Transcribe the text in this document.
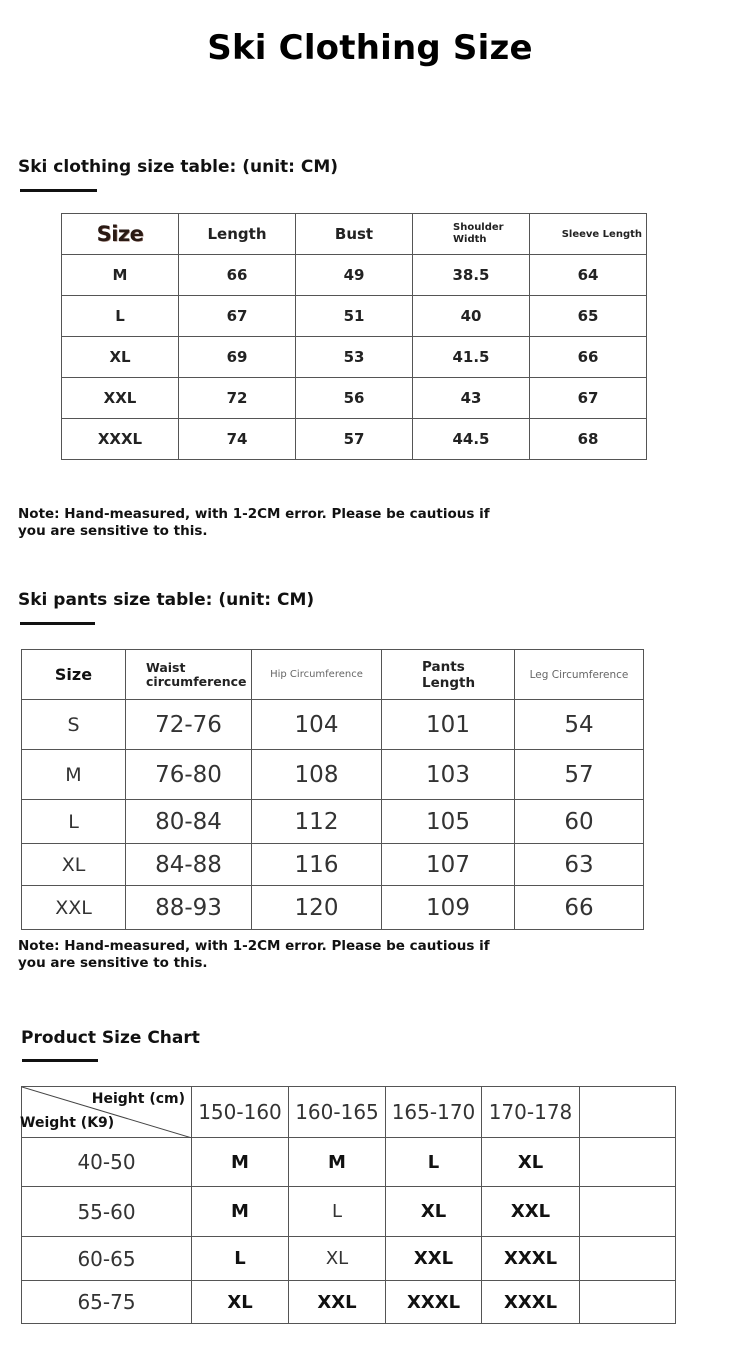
Ski Clothing Size
Ski clothing size table: (unit: CM)
Size	Length	Bust	Shoulder Width	Sleeve Length
M	66	49	38.5	64
L	67	51	40	65
XL	69	53	41.5	66
XXL	72	56	43	67
XXXL	74	57	44.5	68
Note: Hand-measured, with 1-2CM error. Please be cautious if you are sensitive to this.
Ski pants size table: (unit: CM)
Size	Waist circumference	Hip Circumference	Pants Length	Leg Circumference
S	72-76	104	101	54
M	76-80	108	103	57
L	80-84	112	105	60
XL	84-88	116	107	63
XXL	88-93	120	109	66
Note: Hand-measured, with 1-2CM error. Please be cautious if you are sensitive to this.
Product Size Chart
Height (cm)
Weight (K9)	150-160	160-165	165-170	170-178	
40-50	M	M	L	XL	
55-60	M	L	XL	XXL	
60-65	L	XL	XXL	XXXL	
65-75	XL	XXL	XXXL	XXXL	
